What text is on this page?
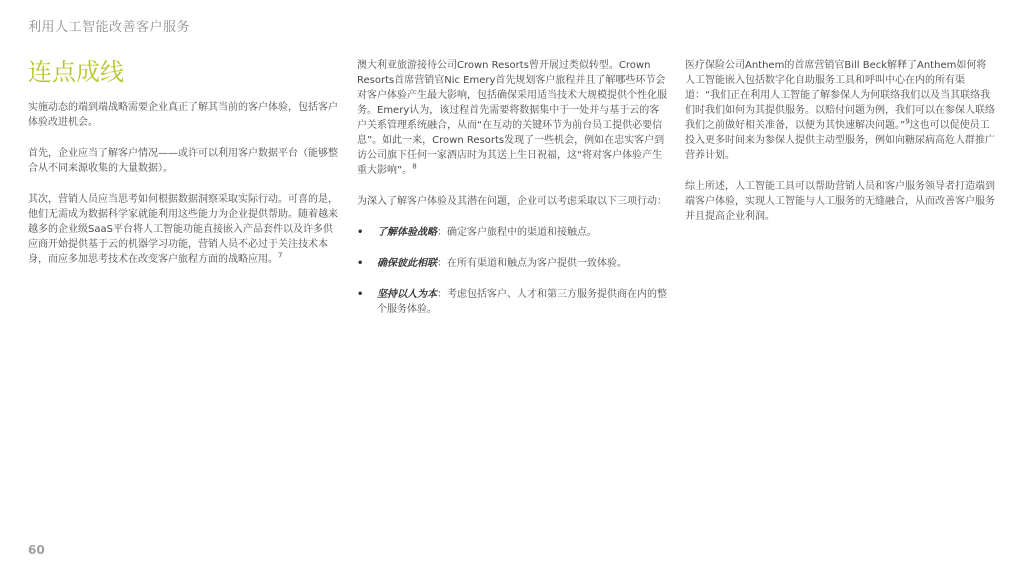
利用人工智能改善客户服务
连点成线

实施动态的端到端战略需要企业真正了解其当前的客户体验，包括客户体验改进机会。

首先，企业应当了解客户情况——或许可以利用客户数据平台（能够整合从不同来源收集的大量数据）。

其次，营销人员应当思考如何根据数据洞察采取实际行动。可喜的是，他们无需成为数据科学家就能利用这些能力为企业提供帮助。随着越来越多的企业级SaaS平台将人工智能功能直接嵌入产品套件以及许多供应商开始提供基于云的机器学习功能，营销人员不必过于关注技术本身，而应多加思考技术在改变客户旅程方面的战略应用。$^7$

澳大利亚旅游接待公司Crown Resorts曾开展过类似转型。Crown Resorts首席营销官Nic Emery首先规划客户旅程并且了解哪些环节会对客户体验产生最大影响，包括确保采用适当技术大规模提供个性化服务。Emery认为，该过程首先需要将数据集中于一处并与基于云的客户关系管理系统融合，从而“在互动的关键环节为前台员工提供必要信息”。如此一来，Crown Resorts发现了一些机会，例如在忠实客户到访公司旗下任何一家酒店时为其送上生日祝福，这“将对客户体验产生重大影响”。$^8$

为深入了解客户体验及其潜在问题，企业可以考虑采取以下三项行动：

• 了解体验战略：确定客户旅程中的渠道和接触点。
• 确保彼此相联：在所有渠道和触点为客户提供一致体验。
• 坚持以人为本：考虑包括客户、人才和第三方服务提供商在内的整个服务体验。

医疗保险公司Anthem的首席营销官Bill Beck解释了Anthem如何将人工智能嵌入包括数字化自助服务工具和呼叫中心在内的所有渠道：“我们正在利用人工智能了解参保人为何联络我们以及当其联络我们时我们如何为其提供服务。以赔付问题为例，我们可以在参保人联络我们之前做好相关准备，以便为其快速解决问题。”$^9$这也可以促使员工投入更多时间来为参保人提供主动型服务，例如向糖尿病高危人群推广营养计划。

综上所述，人工智能工具可以帮助营销人员和客户服务领导者打造端到端客户体验，实现人工智能与人工服务的无缝融合，从而改善客户服务并且提高企业利润。

60
